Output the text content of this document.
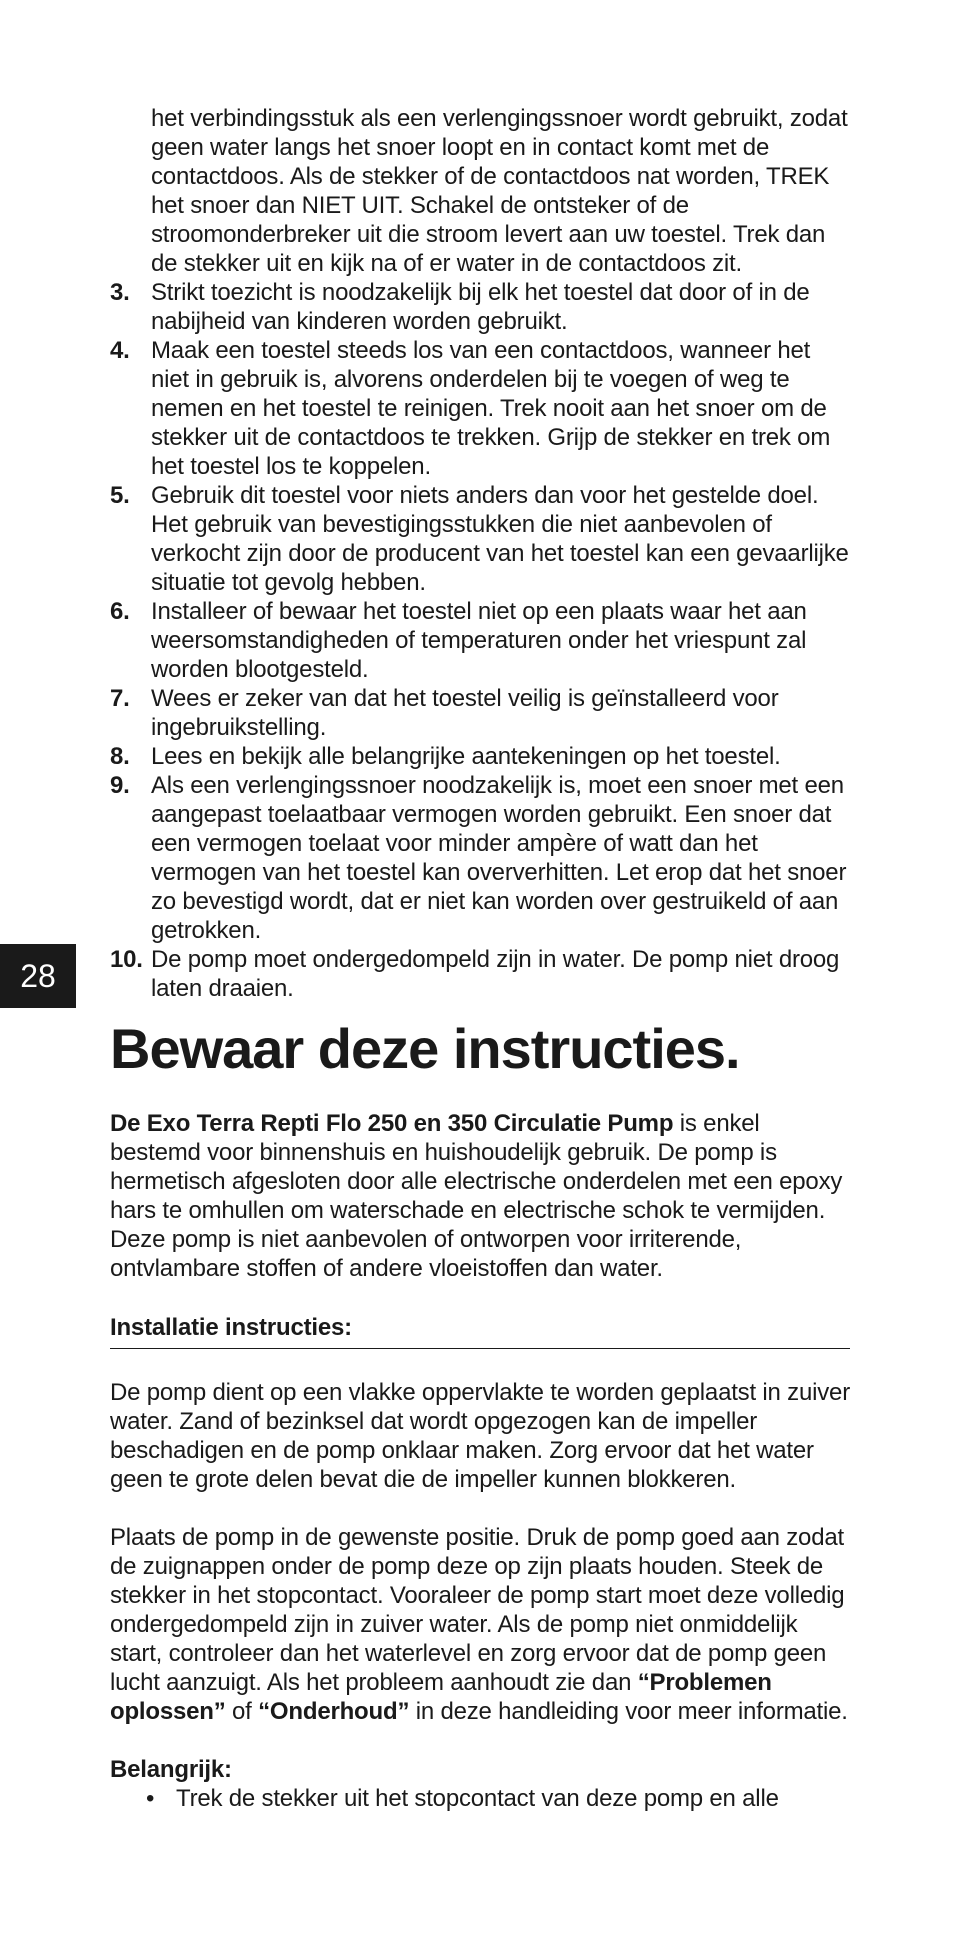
28
het verbindingsstuk als een verlengingssnoer wordt gebruikt, zodat geen water langs het snoer loopt en in contact komt met de contactdoos. Als de stekker of de contactdoos nat worden, TREK het snoer dan NIET UIT. Schakel de ontsteker of de stroomonderbreker uit die stroom levert aan uw toestel. Trek dan de stekker uit en kijk na of er water in de contactdoos zit.
3. Strikt toezicht is noodzakelijk bij elk het toestel dat door of in de nabijheid van kinderen worden gebruikt.
4. Maak een toestel steeds los van een contactdoos, wanneer het niet in gebruik is, alvorens onderdelen bij te voegen of weg te nemen en het toestel te reinigen. Trek nooit aan het snoer om de stekker uit de contactdoos te trekken. Grijp de stekker en trek om het toestel los te koppelen.
5. Gebruik dit toestel voor niets anders dan voor het gestelde doel. Het gebruik van bevestigingsstukken die niet aanbevolen of verkocht zijn door de producent van het toestel kan een gevaarlijke situatie tot gevolg hebben.
6. Installeer of bewaar het toestel niet op een plaats waar het aan weersomstandigheden of temperaturen onder het vriespunt zal worden blootgesteld.
7. Wees er zeker van dat het toestel veilig is geïnstalleerd voor ingebruikstelling.
8. Lees en bekijk alle belangrijke aantekeningen op het toestel.
9. Als een verlengingssnoer noodzakelijk is, moet een snoer met een aangepast toelaatbaar vermogen worden gebruikt. Een snoer dat een vermogen toelaat voor minder ampère of watt dan het vermogen van het toestel kan oververhitten. Let erop dat het snoer zo bevestigd wordt, dat er niet kan worden over gestruikeld of aan getrokken.
10. De pomp moet ondergedompeld zijn in water. De pomp niet droog laten draaien.
Bewaar deze instructies.

De Exo Terra Repti Flo 250 en 350 Circulatie Pump is enkel bestemd voor binnenshuis en huishoudelijk gebruik. De pomp is hermetisch afgesloten door alle electrische onderdelen met een epoxy hars te omhullen om waterschade en electrische schok te vermijden. Deze pomp is niet aanbevolen of ontworpen voor irriterende, ontvlambare stoffen of andere vloeistoffen dan water.

Installatie instructies:

De pomp dient op een vlakke oppervlakte te worden geplaatst in zuiver water. Zand of bezinksel dat wordt opgezogen kan de impeller beschadigen en de pomp onklaar maken. Zorg ervoor dat het water geen te grote delen bevat die de impeller kunnen blokkeren.

Plaats de pomp in de gewenste positie. Druk de pomp goed aan zodat de zuignappen onder de pomp deze op zijn plaats houden. Steek de stekker in het stopcontact. Vooraleer de pomp start moet deze volledig ondergedompeld zijn in zuiver water. Als de pomp niet onmiddelijk start, controleer dan het waterlevel en zorg ervoor dat de pomp geen lucht aanzuigt. Als het probleem aanhoudt zie dan “Problemen oplossen” of “Onderhoud” in deze handleiding voor meer informatie.

Belangrijk:
• Trek de stekker uit het stopcontact van deze pomp en alle
